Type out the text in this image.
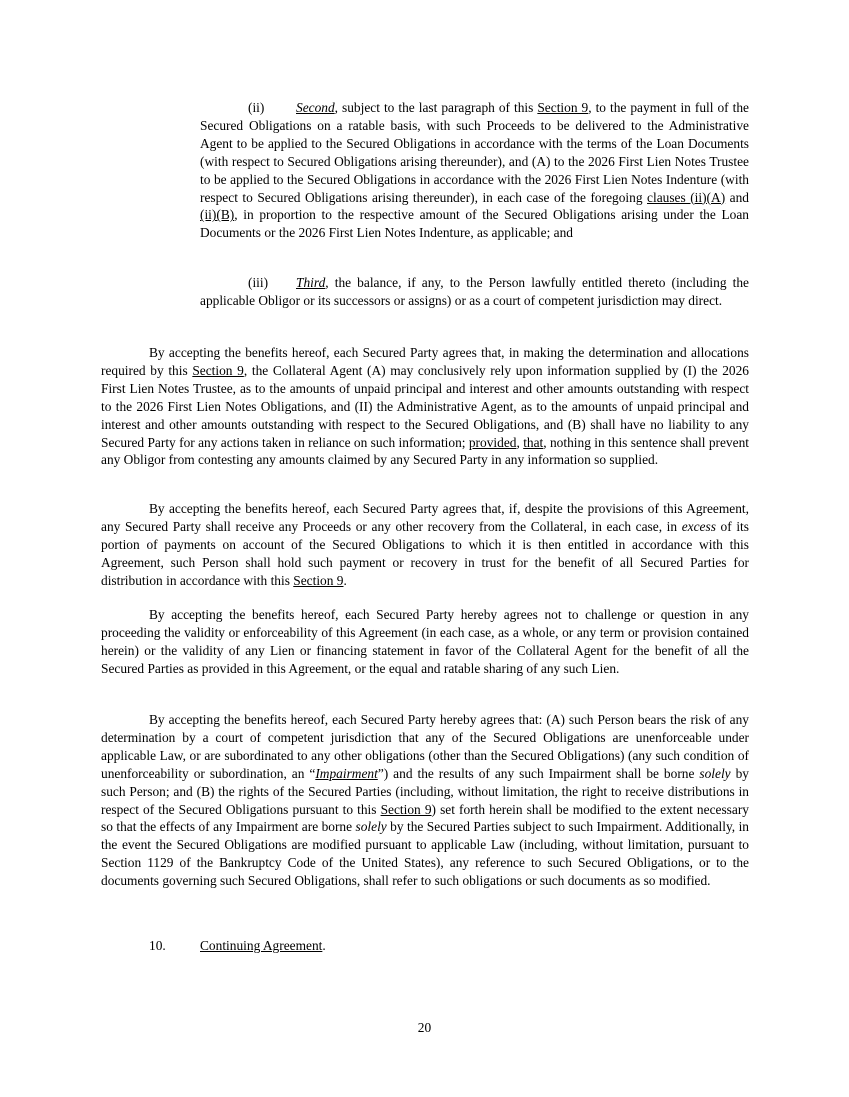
(ii) Second, subject to the last paragraph of this Section 9, to the payment in full of the Secured Obligations on a ratable basis, with such Proceeds to be delivered to the Administrative Agent to be applied to the Secured Obligations in accordance with the terms of the Loan Documents (with respect to Secured Obligations arising thereunder), and (A) to the 2026 First Lien Notes Trustee to be applied to the Secured Obligations in accordance with the 2026 First Lien Notes Indenture (with respect to Secured Obligations arising thereunder), in each case of the foregoing clauses (ii)(A) and (ii)(B), in proportion to the respective amount of the Secured Obligations arising under the Loan Documents or the 2026 First Lien Notes Indenture, as applicable; and

(iii) Third, the balance, if any, to the Person lawfully entitled thereto (including the applicable Obligor or its successors or assigns) or as a court of competent jurisdiction may direct.

By accepting the benefits hereof, each Secured Party agrees that, in making the determination and allocations required by this Section 9, the Collateral Agent (A) may conclusively rely upon information supplied by (I) the 2026 First Lien Notes Trustee, as to the amounts of unpaid principal and interest and other amounts outstanding with respect to the 2026 First Lien Notes Obligations, and (II) the Administrative Agent, as to the amounts of unpaid principal and interest and other amounts outstanding with respect to the Secured Obligations, and (B) shall have no liability to any Secured Party for any actions taken in reliance on such information; provided, that, nothing in this sentence shall prevent any Obligor from contesting any amounts claimed by any Secured Party in any information so supplied.

By accepting the benefits hereof, each Secured Party agrees that, if, despite the provisions of this Agreement, any Secured Party shall receive any Proceeds or any other recovery from the Collateral, in each case, in excess of its portion of payments on account of the Secured Obligations to which it is then entitled in accordance with this Agreement, such Person shall hold such payment or recovery in trust for the benefit of all Secured Parties for distribution in accordance with this Section 9.

By accepting the benefits hereof, each Secured Party hereby agrees not to challenge or question in any proceeding the validity or enforceability of this Agreement (in each case, as a whole, or any term or provision contained herein) or the validity of any Lien or financing statement in favor of the Collateral Agent for the benefit of all the Secured Parties as provided in this Agreement, or the equal and ratable sharing of any such Lien.

By accepting the benefits hereof, each Secured Party hereby agrees that: (A) such Person bears the risk of any determination by a court of competent jurisdiction that any of the Secured Obligations are unenforceable under applicable Law, or are subordinated to any other obligations (other than the Secured Obligations) (any such condition of unenforceability or subordination, an “Impairment”) and the results of any such Impairment shall be borne solely by such Person; and (B) the rights of the Secured Parties (including, without limitation, the right to receive distributions in respect of the Secured Obligations pursuant to this Section 9) set forth herein shall be modified to the extent necessary so that the effects of any Impairment are borne solely by the Secured Parties subject to such Impairment. Additionally, in the event the Secured Obligations are modified pursuant to applicable Law (including, without limitation, pursuant to Section 1129 of the Bankruptcy Code of the United States), any reference to such Secured Obligations, or to the documents governing such Secured Obligations, shall refer to such obligations or such documents as so modified.

10.	Continuing Agreement.
20
